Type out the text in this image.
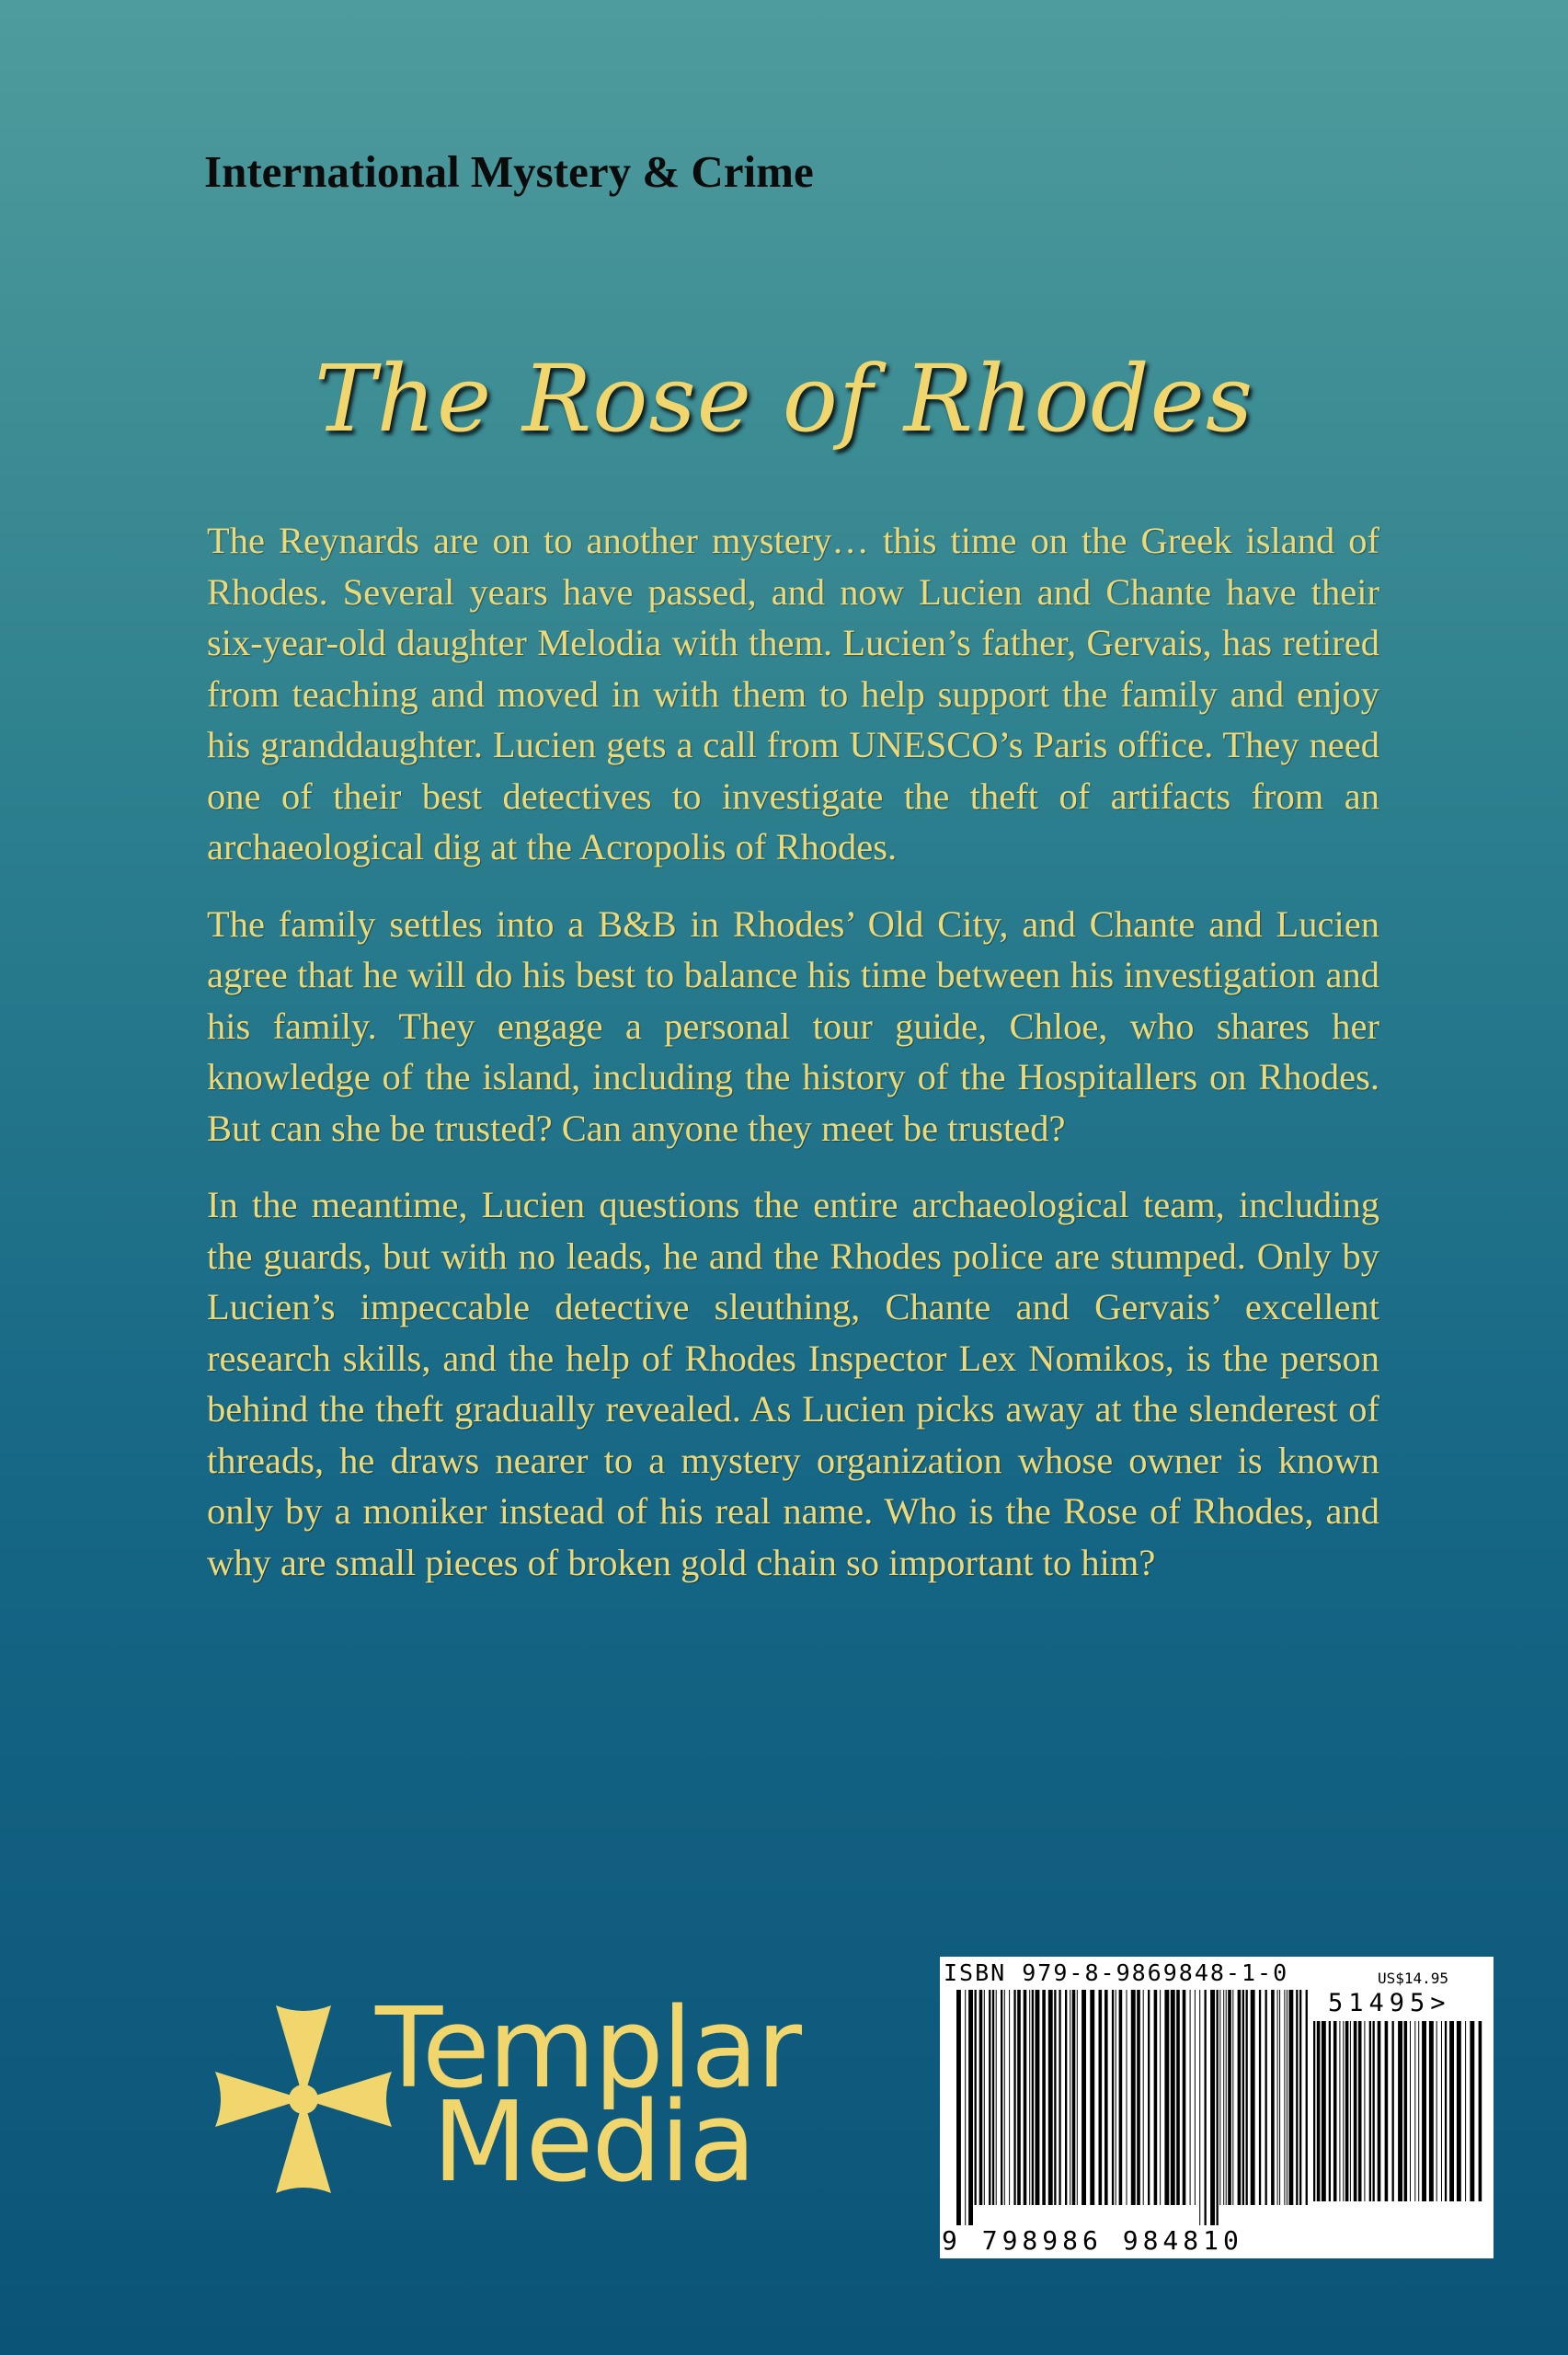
International Mystery & Crime
The Rose of Rhodes

The Reynards are on to another mystery… this time on the Greek island of Rhodes. Several years have passed, and now Lucien and Chante have their six-year-old daughter Melodia with them. Lucien’s father, Gervais, has retired from teaching and moved in with them to help support the family and enjoy his granddaughter. Lucien gets a call from UNESCO’s Paris office. They need one of their best detectives to investigate the theft of artifacts from an archaeological dig at the Acropolis of Rhodes.

The family settles into a B&B in Rhodes’ Old City, and Chante and Lucien agree that he will do his best to balance his time between his investigation and his family. They engage a personal tour guide, Chloe, who shares her knowledge of the island, including the history of the Hospitallers on Rhodes. But can she be trusted? Can anyone they meet be trusted?

In the meantime, Lucien questions the entire archaeological team, including the guards, but with no leads, he and the Rhodes police are stumped. Only by Lucien’s impeccable detective sleuthing, Chante and Gervais’ excellent research skills, and the help of Rhodes Inspector Lex Nomikos, is the person behind the theft gradually revealed. As Lucien picks away at the slenderest of threads, he draws nearer to a mystery organization whose owner is known only by a moniker instead of his real name. Who is the Rose of Rhodes, and why are small pieces of broken gold chain so important to him?

Templar
Media

ISBN 979-8-9869848-1-0	US$14.95

51495>

9 798986 984810
